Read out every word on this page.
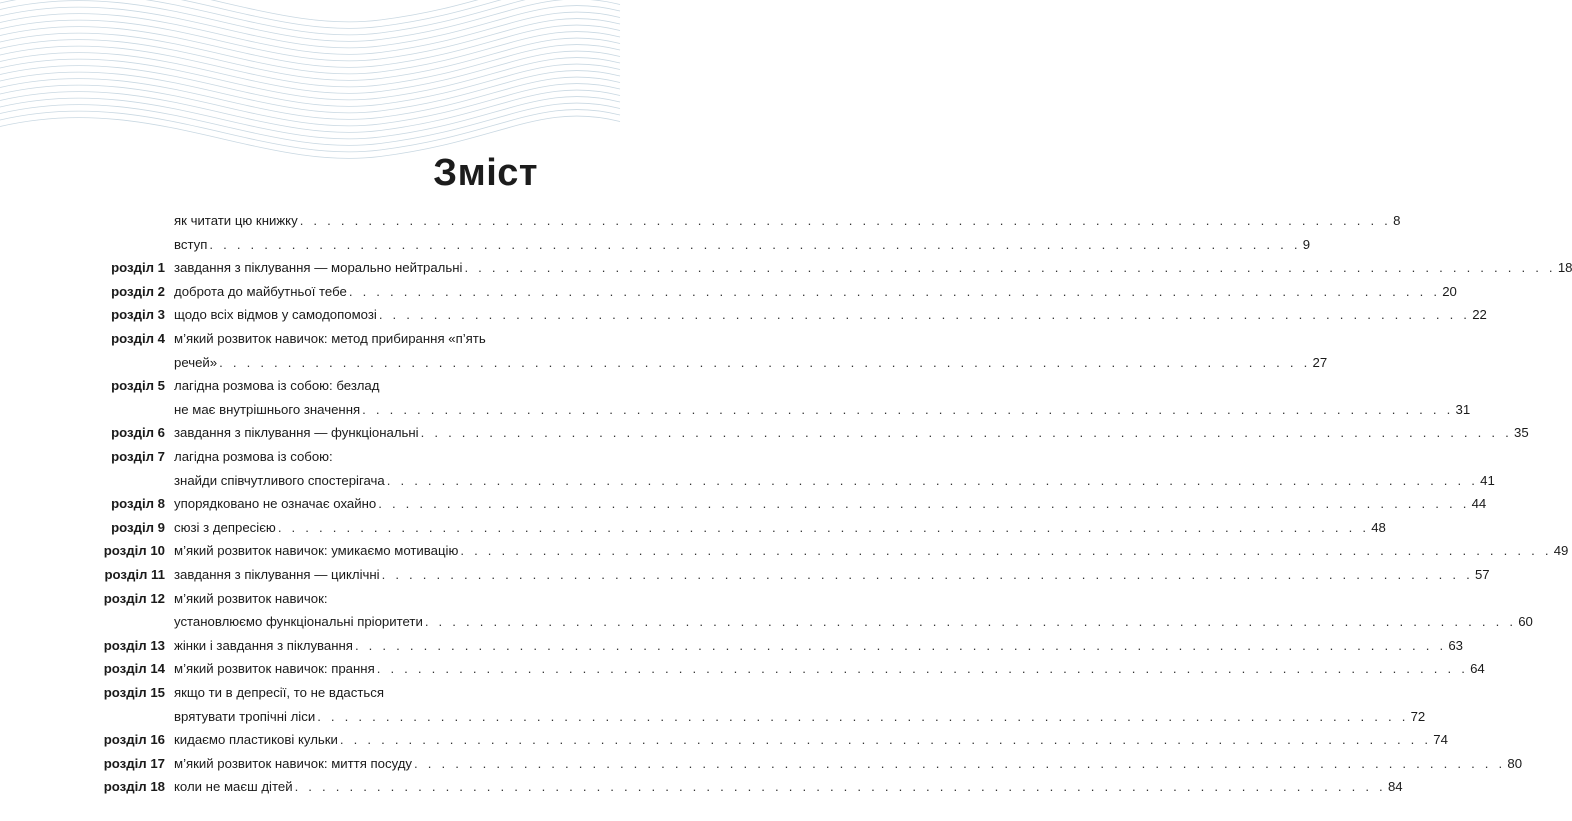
Зміст
як читати цю книжку . . . . . . . . . . . . . . . . . . . . . . . . . . . . . . . . . . . . . . . . . . . . . . . . . . . . . . . . . . . . . . . . . . . . . . . . . . . . . . . . 8
вступ . . . . . . . . . . . . . . . . . . . . . . . . . . . . . . . . . . . . . . . . . . . . . . . . . . . . . . . . . . . . . . . . . . . . . . . . . . . . . . . . 9
розділ 1 завдання з піклування — морально нейтральні . . . . . . . . . . . . . . . . . . . . . . . . . . . . . . . . . . . . . . . . . . . . . . . . . . . . . . . . . . . . . . . . . . . . . . . . . . . . . . . . 18
розділ 2 доброта до майбутньої тебе . . . . . . . . . . . . . . . . . . . . . . . . . . . . . . . . . . . . . . . . . . . . . . . . . . . . . . . . . . . . . . . . . . . . . . . . . . . . . . . . 20
розділ 3 щодо всіх відмов у самодопомозі . . . . . . . . . . . . . . . . . . . . . . . . . . . . . . . . . . . . . . . . . . . . . . . . . . . . . . . . . . . . . . . . . . . . . . . . . . . . . . . . 22
розділ 4 м’який розвиток навичок: метод прибирання «п’ять
речей» . . . . . . . . . . . . . . . . . . . . . . . . . . . . . . . . . . . . . . . . . . . . . . . . . . . . . . . . . . . . . . . . . . . . . . . . . . . . . . . . 27
розділ 5 лагідна розмова із собою: безлад
не має внутрішнього значення . . . . . . . . . . . . . . . . . . . . . . . . . . . . . . . . . . . . . . . . . . . . . . . . . . . . . . . . . . . . . . . . . . . . . . . . . . . . . . . . 31
розділ 6 завдання з піклування — функціональні . . . . . . . . . . . . . . . . . . . . . . . . . . . . . . . . . . . . . . . . . . . . . . . . . . . . . . . . . . . . . . . . . . . . . . . . . . . . . . . . 35
розділ 7 лагідна розмова із собою:
знайди співчутливого спостерігача . . . . . . . . . . . . . . . . . . . . . . . . . . . . . . . . . . . . . . . . . . . . . . . . . . . . . . . . . . . . . . . . . . . . . . . . . . . . . . . . 41
розділ 8 упорядковано не означає охайно . . . . . . . . . . . . . . . . . . . . . . . . . . . . . . . . . . . . . . . . . . . . . . . . . . . . . . . . . . . . . . . . . . . . . . . . . . . . . . . . 44
розділ 9 сюзі з депресією . . . . . . . . . . . . . . . . . . . . . . . . . . . . . . . . . . . . . . . . . . . . . . . . . . . . . . . . . . . . . . . . . . . . . . . . . . . . . . . . 48
розділ 10 м’який розвиток навичок: умикаємо мотивацію . . . . . . . . . . . . . . . . . . . . . . . . . . . . . . . . . . . . . . . . . . . . . . . . . . . . . . . . . . . . . . . . . . . . . . . . . . . . . . . . 49
розділ 11 завдання з піклування — циклічні . . . . . . . . . . . . . . . . . . . . . . . . . . . . . . . . . . . . . . . . . . . . . . . . . . . . . . . . . . . . . . . . . . . . . . . . . . . . . . . . 57
розділ 12 м’який розвиток навичок:
установлюємо функціональні пріоритети . . . . . . . . . . . . . . . . . . . . . . . . . . . . . . . . . . . . . . . . . . . . . . . . . . . . . . . . . . . . . . . . . . . . . . . . . . . . . . . . 60
розділ 13 жінки і завдання з піклування . . . . . . . . . . . . . . . . . . . . . . . . . . . . . . . . . . . . . . . . . . . . . . . . . . . . . . . . . . . . . . . . . . . . . . . . . . . . . . . . 63
розділ 14 м’який розвиток навичок: прання . . . . . . . . . . . . . . . . . . . . . . . . . . . . . . . . . . . . . . . . . . . . . . . . . . . . . . . . . . . . . . . . . . . . . . . . . . . . . . . . 64
розділ 15 якщо ти в депресії, то не вдасться
врятувати тропічні ліси . . . . . . . . . . . . . . . . . . . . . . . . . . . . . . . . . . . . . . . . . . . . . . . . . . . . . . . . . . . . . . . . . . . . . . . . . . . . . . . . 72
розділ 16 кидаємо пластикові кульки . . . . . . . . . . . . . . . . . . . . . . . . . . . . . . . . . . . . . . . . . . . . . . . . . . . . . . . . . . . . . . . . . . . . . . . . . . . . . . . . 74
розділ 17 м’який розвиток навичок: миття посуду . . . . . . . . . . . . . . . . . . . . . . . . . . . . . . . . . . . . . . . . . . . . . . . . . . . . . . . . . . . . . . . . . . . . . . . . . . . . . . . . 80
розділ 18 коли не маєш дітей . . . . . . . . . . . . . . . . . . . . . . . . . . . . . . . . . . . . . . . . . . . . . . . . . . . . . . . . . . . . . . . . . . . . . . . . . . . . . . . . 84
